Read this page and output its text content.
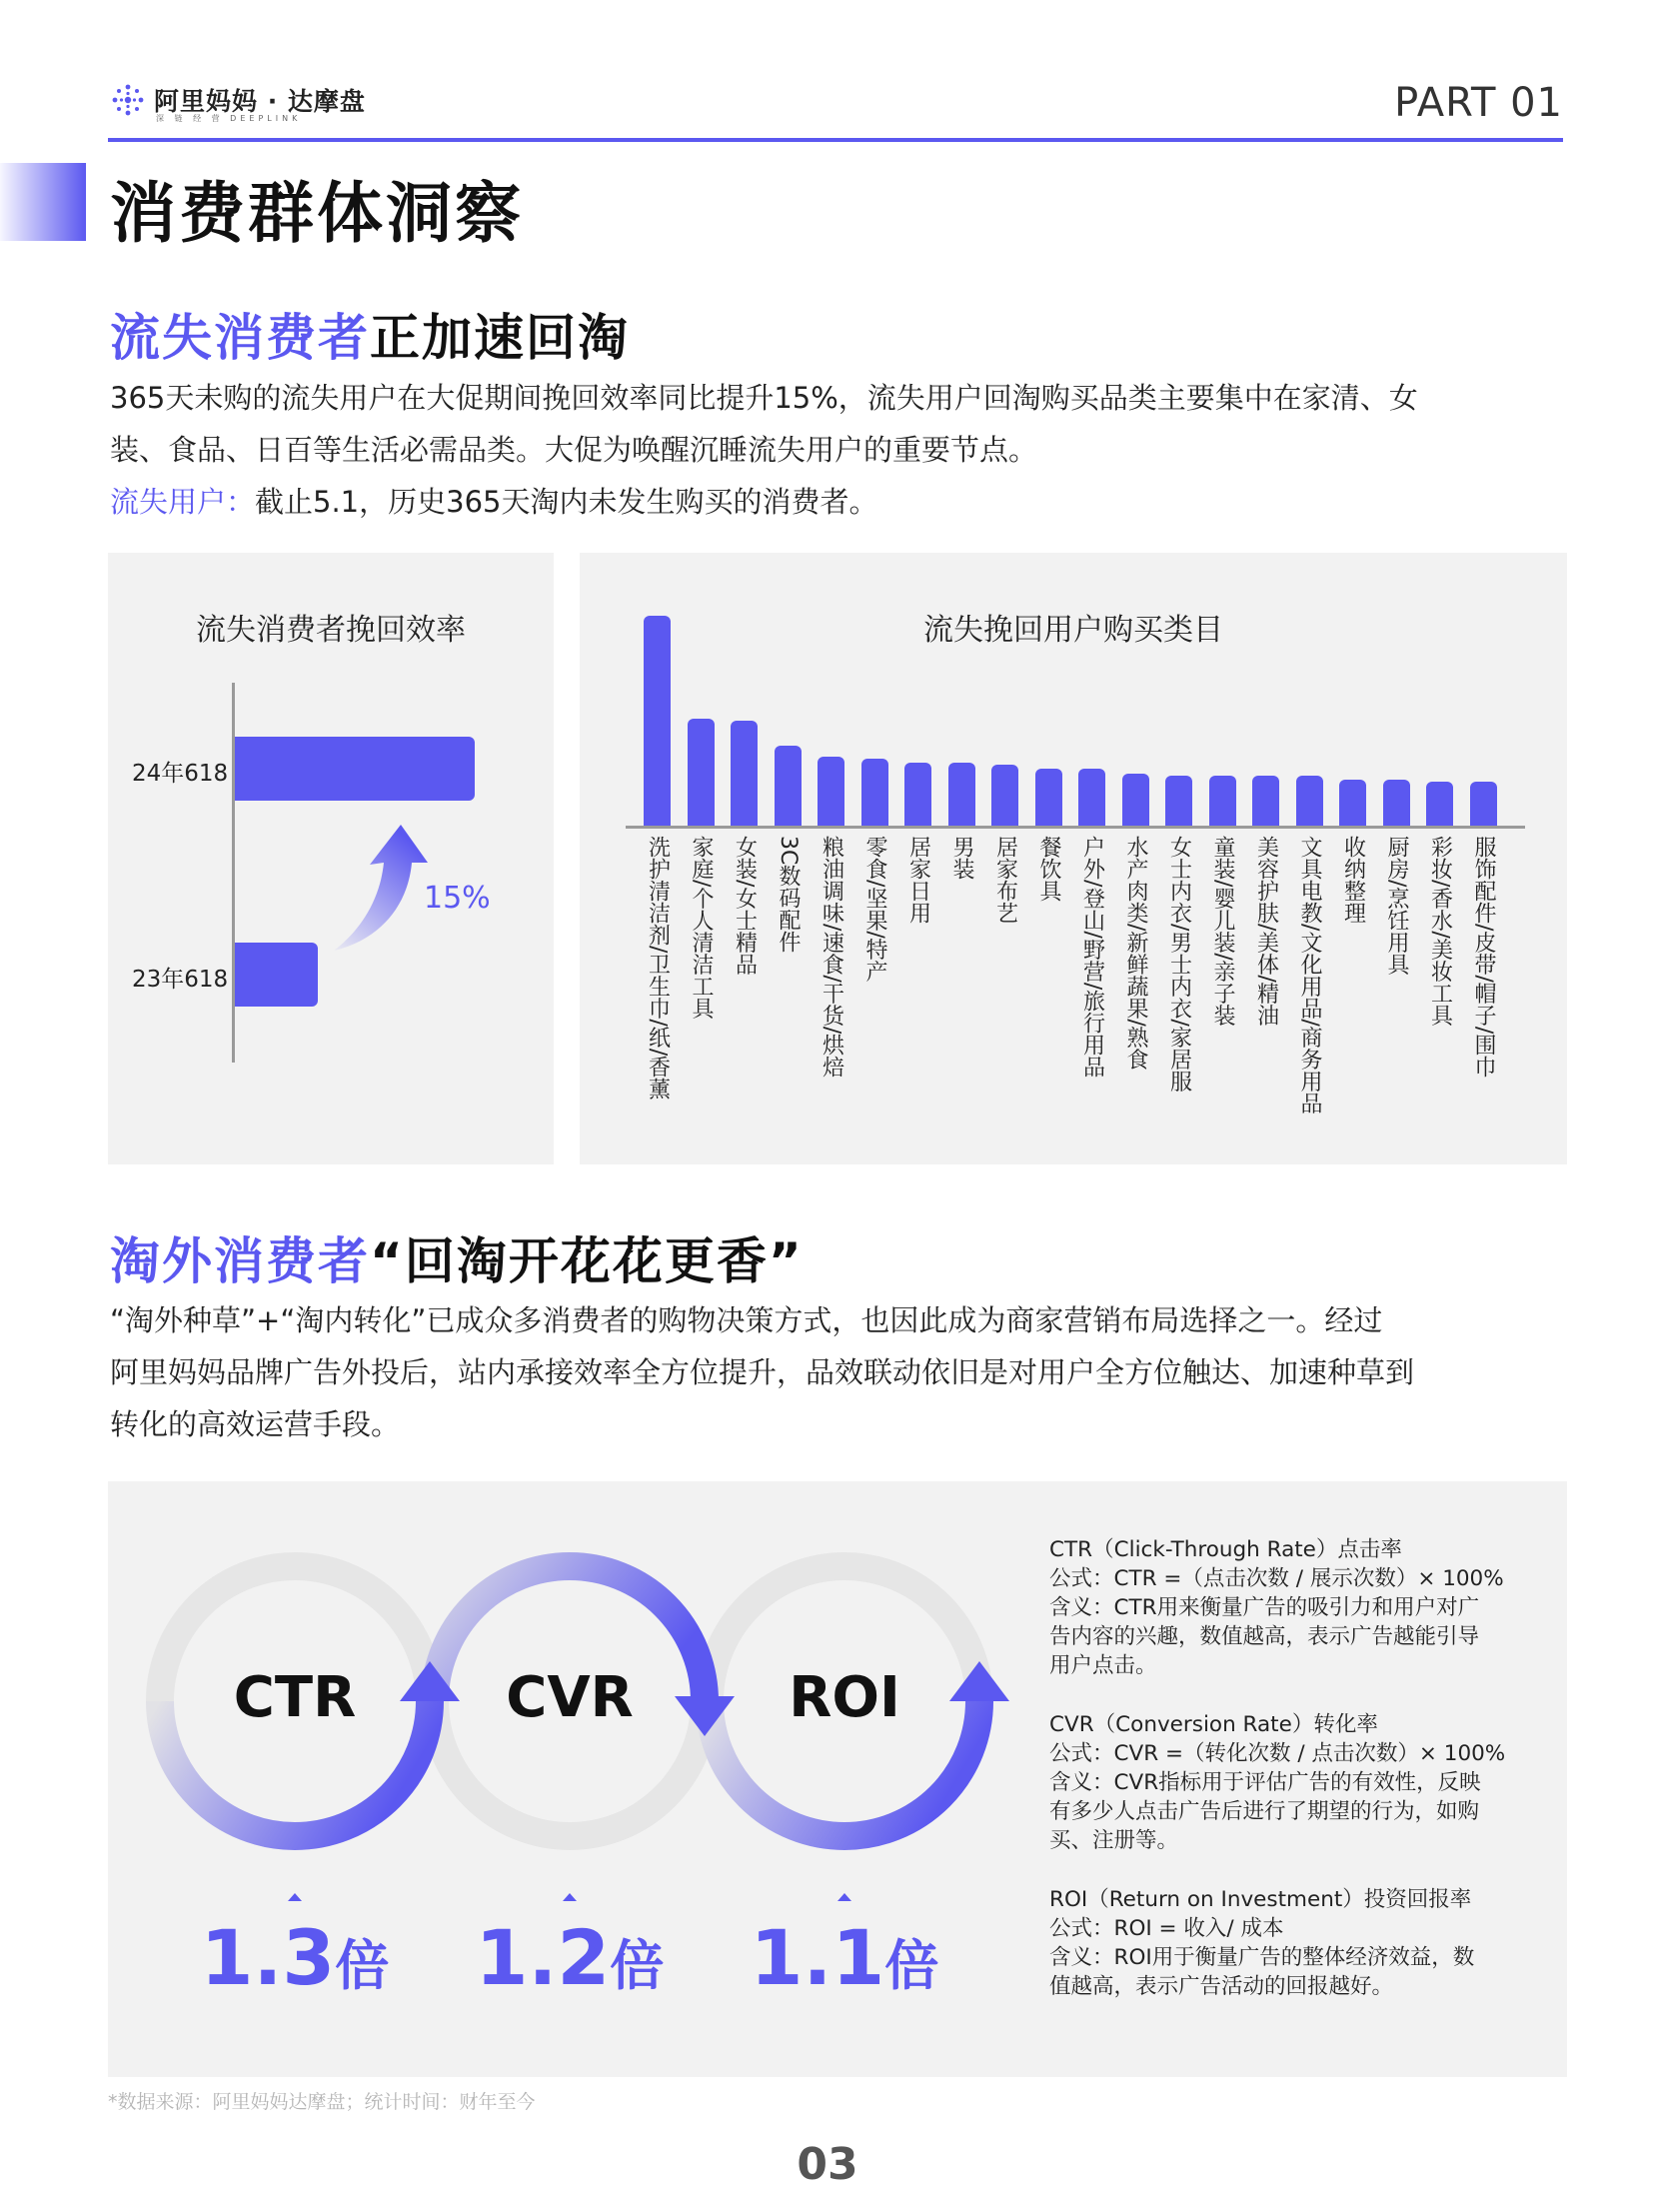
阿里妈妈 · 达摩盘
深 链 经 营 DEEPLINK	PART 01
消费群体洞察
流失消费者正加速回淘
365天未购的流失用户在大促期间挽回效率同比提升15%，流失用户回淘购买品类主要集中在家清、女
装、食品、日百等生活必需品类。大促为唤醒沉睡流失用户的重要节点。
流失用户：截止5.1，历史365天淘内未发生购买的消费者。
流失消费者挽回效率
15%
24年618
23年618
流失挽回用户购买类目
洗护清洁剂/卫生巾/纸/香薰 家庭/个人清洁工具 女装/女士精品 3C数码配件 粮油调味/速食/干货/烘焙 零食/坚果/特产 居家日用 男装 居家布艺 餐饮具 户外/登山/野营/旅行用品 水产肉类/新鲜蔬果/熟食 女士内衣/男士内衣/家居服 童装/婴儿装/亲子装 美容护肤/美体/精油 文具电教/文化用品/商务用品 收纳整理 厨房/烹饪用具 彩妆/香水/美妆工具 服饰配件/皮带/帽子/围巾
淘外消费者“回淘开花花更香”
“淘外种草”+“淘内转化”已成众多消费者的购物决策方式，也因此成为商家营销布局选择之一。经过
阿里妈妈品牌广告外投后，站内承接效率全方位提升，品效联动依旧是对用户全方位触达、加速种草到
转化的高效运营手段。
CTR	CVR	ROI
1.3倍	1.2倍	1.1倍

CTR（Click-Through Rate）点击率

公式：CTR =（点击次数 / 展示次数）× 100%

含义：CTR用来衡量广告的吸引力和用户对广

告内容的兴趣，数值越高，表示广告越能引导

用户点击。

CVR（Conversion Rate）转化率

公式：CVR =（转化次数 / 点击次数）× 100%

含义：CVR指标用于评估广告的有效性，反映

有多少人点击广告后进行了期望的行为，如购

买、注册等。

ROI（Return on Investment）投资回报率

公式：ROI = 收入/ 成本

含义：ROI用于衡量广告的整体经济效益，数

值越高，表示广告活动的回报越好。

*数据来源：阿里妈妈达摩盘；统计时间：财年至今
03
